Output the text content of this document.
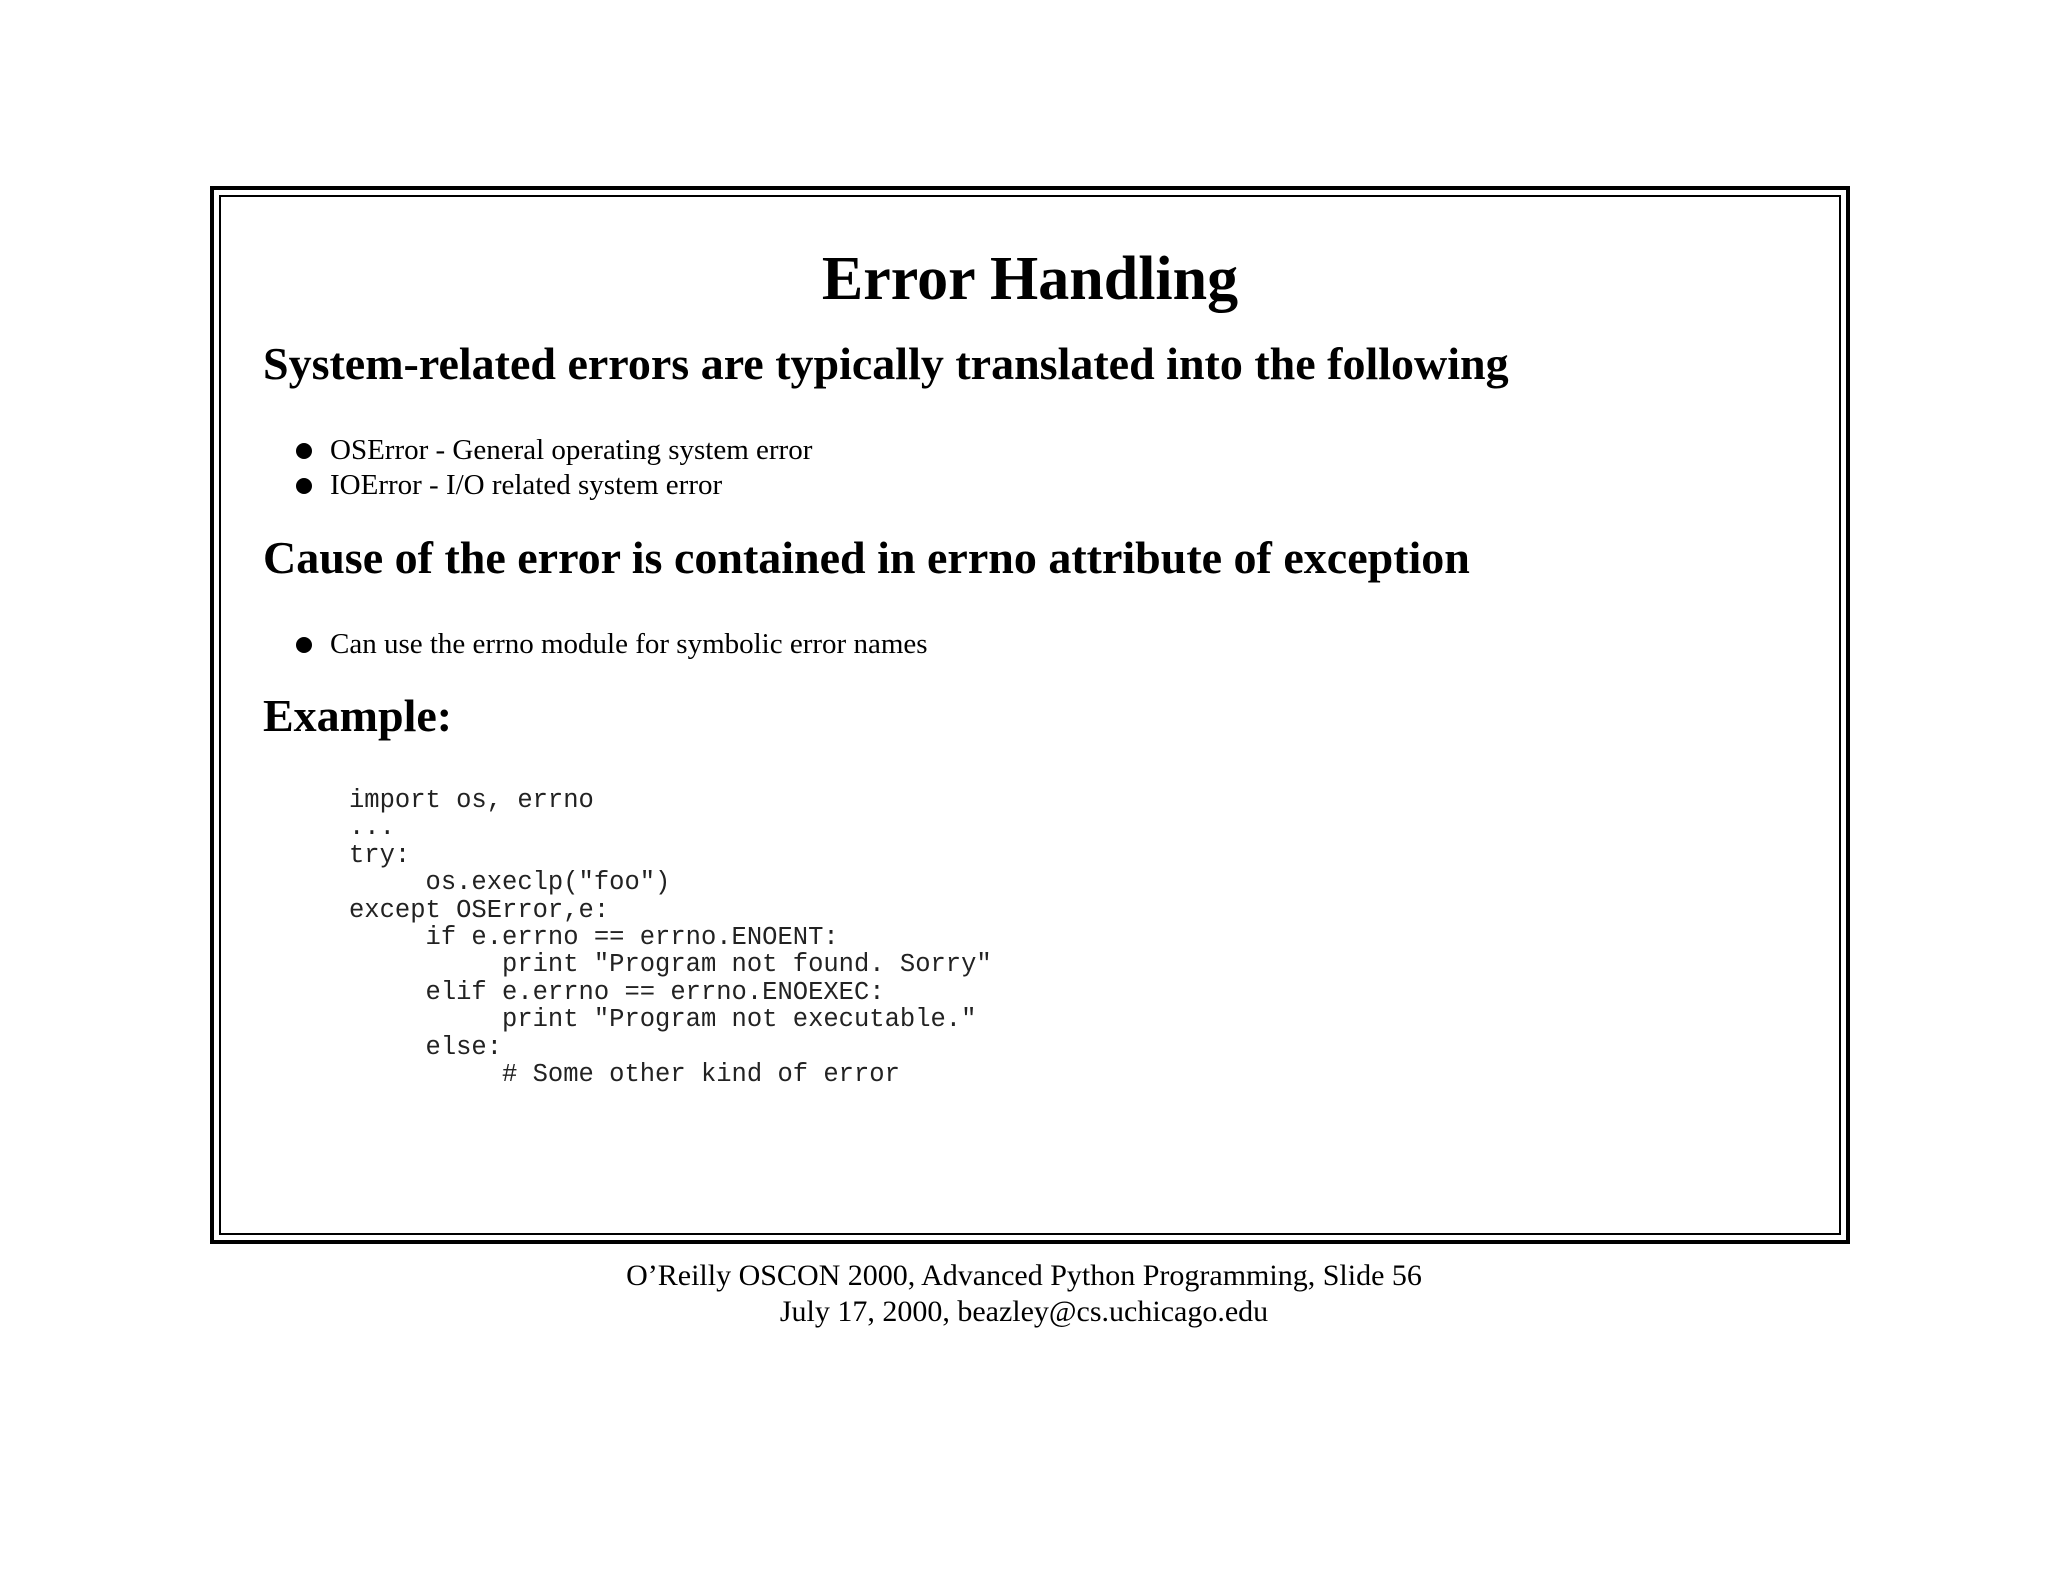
Error Handling
System-related errors are typically translated into the following
OSError - General operating system error
IOError - I/O related system error
Cause of the error is contained in errno attribute of exception
Can use the errno module for symbolic error names
Example:
import os, errno
...
try:
os.execlp("foo")
except OSError,e:
if e.errno == errno.ENOENT:
print "Program not found. Sorry"
elif e.errno == errno.ENOEXEC:
print "Program not executable."
else:
# Some other kind of error
O’Reilly OSCON 2000, Advanced Python Programming, Slide 56
July 17, 2000, beazley@cs.uchicago.edu
